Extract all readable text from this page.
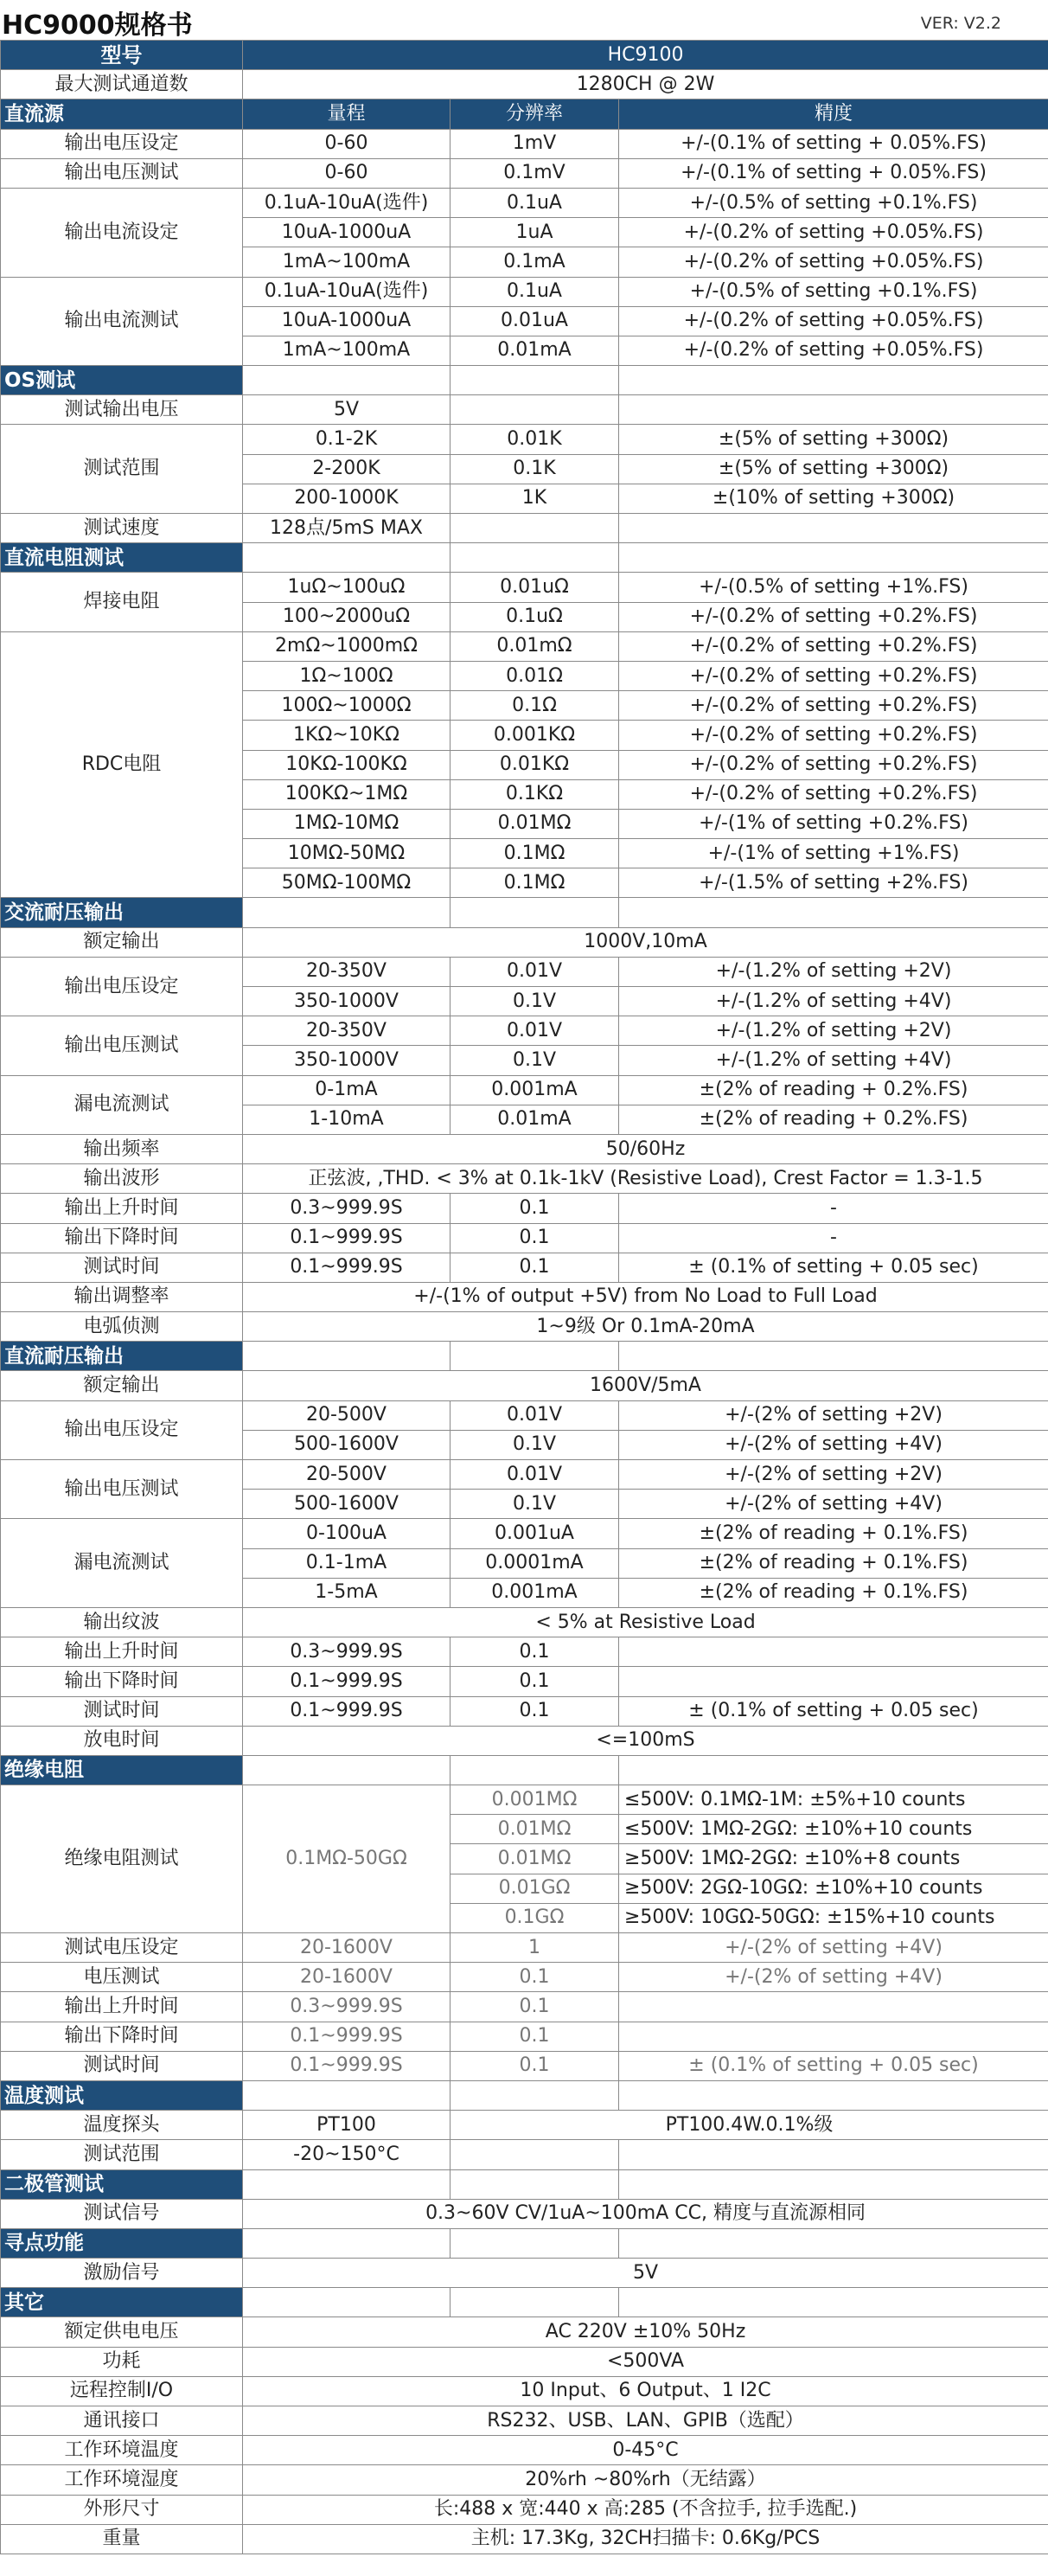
HC9000规格书	VER: V2.2
型号	HC9100		
最大测试通道数	1280CH @ 2W		
直流源	量程	分辨率	精度
输出电压设定	0-60	1mV	+/-(0.1% of setting + 0.05%.FS)
输出电压测试	0-60	0.1mV	+/-(0.1% of setting + 0.05%.FS)
输出电流设定	0.1uA-10uA(选件)	0.1uA	+/-(0.5% of setting +0.1%.FS)
	10uA-1000uA	1uA	+/-(0.2% of setting +0.05%.FS)
	1mA~100mA	0.1mA	+/-(0.2% of setting +0.05%.FS)
输出电流测试	0.1uA-10uA(选件)	0.1uA	+/-(0.5% of setting +0.1%.FS)
	10uA-1000uA	0.01uA	+/-(0.2% of setting +0.05%.FS)
	1mA~100mA	0.01mA	+/-(0.2% of setting +0.05%.FS)
OS测试			
测试输出电压	5V		
测试范围	0.1-2K	0.01K	±(5% of setting +300Ω)
	2-200K	0.1K	±(5% of setting +300Ω)
	200-1000K	1K	±(10% of setting +300Ω)
测试速度	128点/5mS MAX		
直流电阻测试			
焊接电阻	1uΩ~100uΩ	0.01uΩ	+/-(0.5% of setting +1%.FS)
	100~2000uΩ	0.1uΩ	+/-(0.2% of setting +0.2%.FS)
RDC电阻	2mΩ~1000mΩ	0.01mΩ	+/-(0.2% of setting +0.2%.FS)
	1Ω~100Ω	0.01Ω	+/-(0.2% of setting +0.2%.FS)
	100Ω~1000Ω	0.1Ω	+/-(0.2% of setting +0.2%.FS)
	1KΩ~10KΩ	0.001KΩ	+/-(0.2% of setting +0.2%.FS)
	10KΩ-100KΩ	0.01KΩ	+/-(0.2% of setting +0.2%.FS)
	100KΩ~1MΩ	0.1KΩ	+/-(0.2% of setting +0.2%.FS)
	1MΩ-10MΩ	0.01MΩ	+/-(1% of setting +0.2%.FS)
	10MΩ-50MΩ	0.1MΩ	+/-(1% of setting +1%.FS)
	50MΩ-100MΩ	0.1MΩ	+/-(1.5% of setting +2%.FS)
交流耐压输出			
额定输出	1000V,10mA		
输出电压设定	20-350V	0.01V	+/-(1.2% of setting +2V)
	350-1000V	0.1V	+/-(1.2% of setting +4V)
输出电压测试	20-350V	0.01V	+/-(1.2% of setting +2V)
	350-1000V	0.1V	+/-(1.2% of setting +4V)
漏电流测试	0-1mA	0.001mA	±(2% of reading + 0.2%.FS)
	1-10mA	0.01mA	±(2% of reading + 0.2%.FS)
输出频率	50/60Hz		
输出波形	正弦波, ,THD. < 3% at 0.1k-1kV (Resistive Load), Crest Factor = 1.3-1.5		
输出上升时间	0.3~999.9S	0.1	-
输出下降时间	0.1~999.9S	0.1	-
测试时间	0.1~999.9S	0.1	± (0.1% of setting + 0.05 sec)
输出调整率	+/-(1% of output +5V) from No Load to Full Load		
电弧侦测	1~9级 Or 0.1mA-20mA		
直流耐压输出			
额定输出	1600V/5mA		
输出电压设定	20-500V	0.01V	+/-(2% of setting +2V)
	500-1600V	0.1V	+/-(2% of setting +4V)
输出电压测试	20-500V	0.01V	+/-(2% of setting +2V)
	500-1600V	0.1V	+/-(2% of setting +4V)
漏电流测试	0-100uA	0.001uA	±(2% of reading + 0.1%.FS)
	0.1-1mA	0.0001mA	±(2% of reading + 0.1%.FS)
	1-5mA	0.001mA	±(2% of reading + 0.1%.FS)
输出纹波	< 5% at Resistive Load		
输出上升时间	0.3~999.9S	0.1	
输出下降时间	0.1~999.9S	0.1	
测试时间	0.1~999.9S	0.1	± (0.1% of setting + 0.05 sec)
放电时间	<=100mS		
绝缘电阻			
绝缘电阻测试	0.1MΩ-50GΩ	0.001MΩ	≤500V: 0.1MΩ-1M: ±5%+10 counts
		0.01MΩ	≤500V: 1MΩ-2GΩ: ±10%+10 counts
		0.01MΩ	≥500V: 1MΩ-2GΩ: ±10%+8 counts
		0.01GΩ	≥500V: 2GΩ-10GΩ: ±10%+10 counts
		0.1GΩ	≥500V: 10GΩ-50GΩ: ±15%+10 counts
测试电压设定	20-1600V	1	+/-(2% of setting +4V)
电压测试	20-1600V	0.1	+/-(2% of setting +4V)
输出上升时间	0.3~999.9S	0.1	
输出下降时间	0.1~999.9S	0.1	
测试时间	0.1~999.9S	0.1	± (0.1% of setting + 0.05 sec)
温度测试			
温度探头	PT100	PT100.4W.0.1%级	
测试范围	-20~150°C		
二极管测试			
测试信号	0.3~60V CV/1uA~100mA CC, 精度与直流源相同		
寻点功能			
激励信号	5V		
其它			
额定供电电压	AC 220V ±10% 50Hz		
功耗	<500VA		
远程控制I/O	10 Input、6 Output、1 I2C		
通讯接口	RS232、USB、LAN、GPIB（选配）		
工作环境温度	0-45°C		
工作环境湿度	20%rh ~80%rh（无结露）		
外形尺寸	长:488 x 宽:440 x 高:285 (不含拉手, 拉手选配.)		
重量	主机: 17.3Kg, 32CH扫描卡: 0.6Kg/PCS		
